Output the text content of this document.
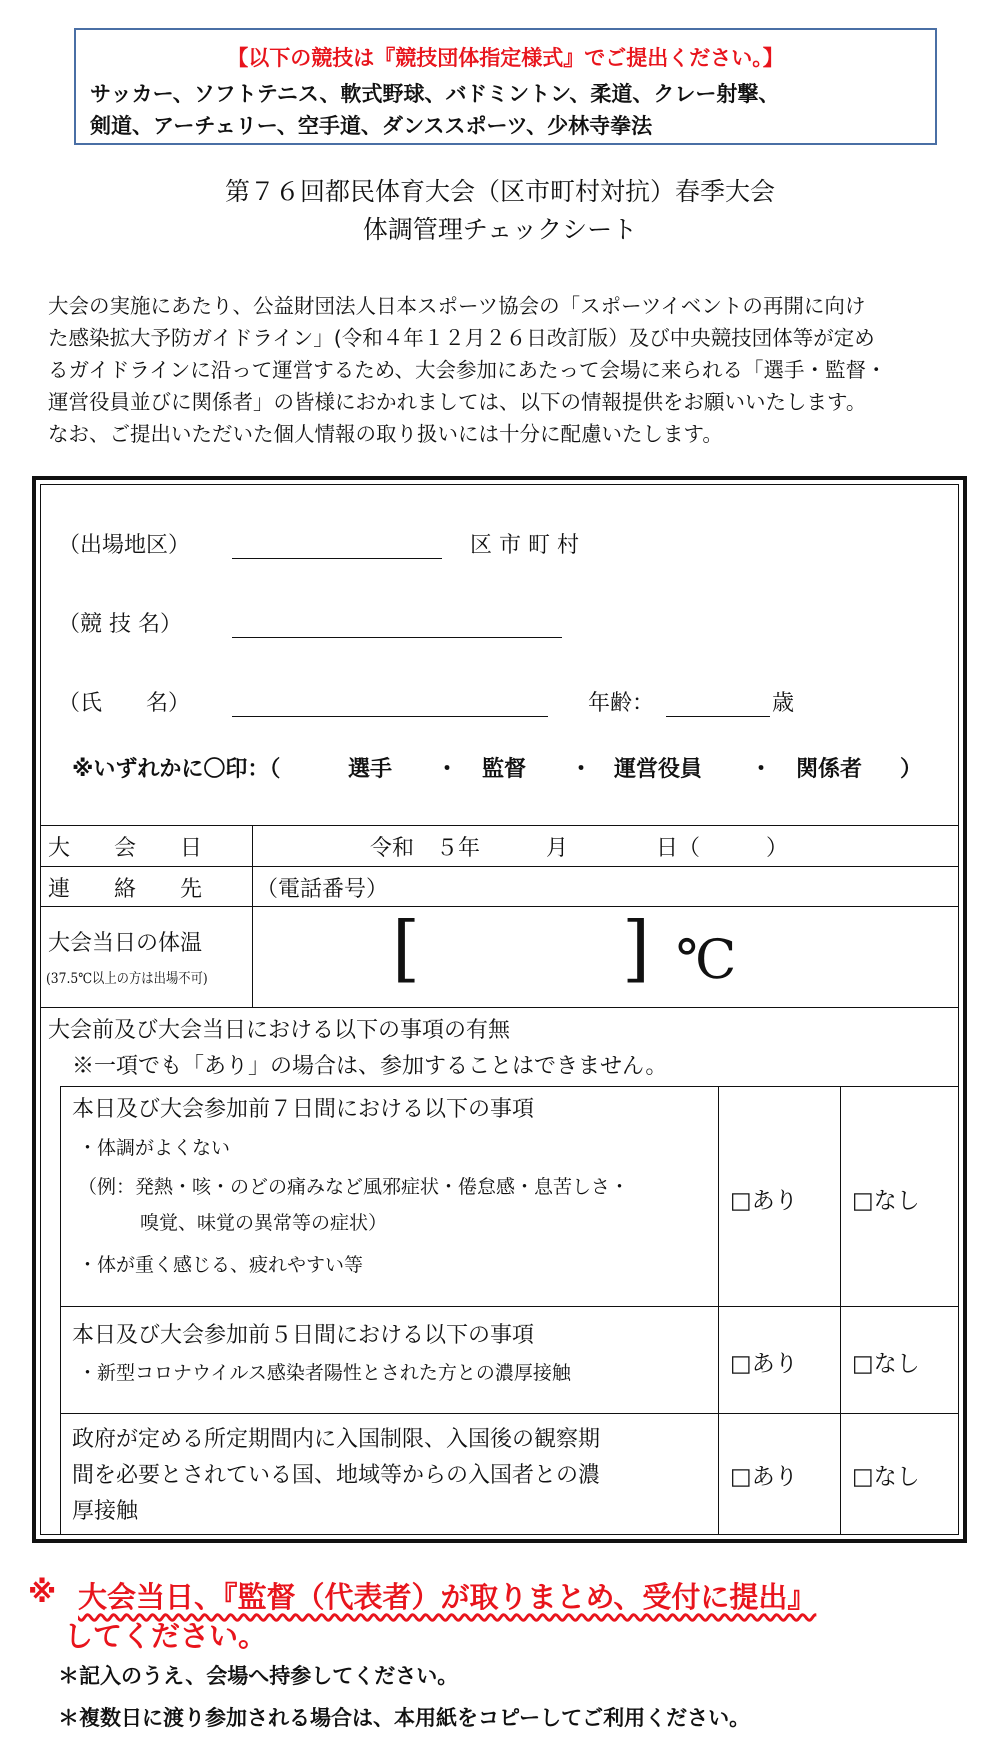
【以下の競技は『競技団体指定様式』でご提出ください。】
サッカー、ソフトテニス、軟式野球、バドミントン、柔道、クレー射撃、
剣道、アーチェリー、空手道、ダンススポーツ、少林寺拳法
第７６回都民体育大会（区市町村対抗）春季大会
体調管理チェックシート
大会の実施にあたり、公益財団法人日本スポーツ協会の「スポーツイベントの再開に向け
た感染拡大予防ガイドライン」(令和４年１２月２６日改訂版）及び中央競技団体等が定め
るガイドラインに沿って運営するため、大会参加にあたって会場に来られる「選手・監督・
運営役員並びに関係者」の皆様におかれましては、以下の情報提供をお願いいたします。
なお、ご提出いただいた個人情報の取り扱いには十分に配慮いたします。
（出場地区）	区 市 町 村
（競 技 名）
（氏　　名）	年齢：	歳
※いずれかに〇印：（	選手 ・ 監督 ・ 運営役員 ・ 関係者 ）
大　　会　　日	令和　５年　　　月　　　　日（　　　）
連　　絡　　先 （電話番号）
大会当日の体温
(37.5℃以上の方は出場不可)	[	] ℃
大会前及び大会当日における以下の事項の有無
※一項でも「あり」の場合は、参加することはできません。
本日及び大会参加前７日間における以下の事項
・体調がよくない
（例：発熱・咳・のどの痛みなど風邪症状・倦怠感・息苦しさ・
嗅覚、味覚の異常等の症状）
・体が重く感じる、疲れやすい等
□あり □なし
本日及び大会参加前５日間における以下の事項
・新型コロナウイルス感染者陽性とされた方との濃厚接触	□あり □なし
政府が定める所定期間内に入国制限、入国後の観察期
間を必要とされている国、地域等からの入国者との濃
厚接触
□あり □なし
※ 大会当日、『監督（代表者）が取りまとめ、受付に提出』
してください。
＊記入のうえ、会場へ持参してください。
＊複数日に渡り参加される場合は、本用紙をコピーしてご利用ください。
